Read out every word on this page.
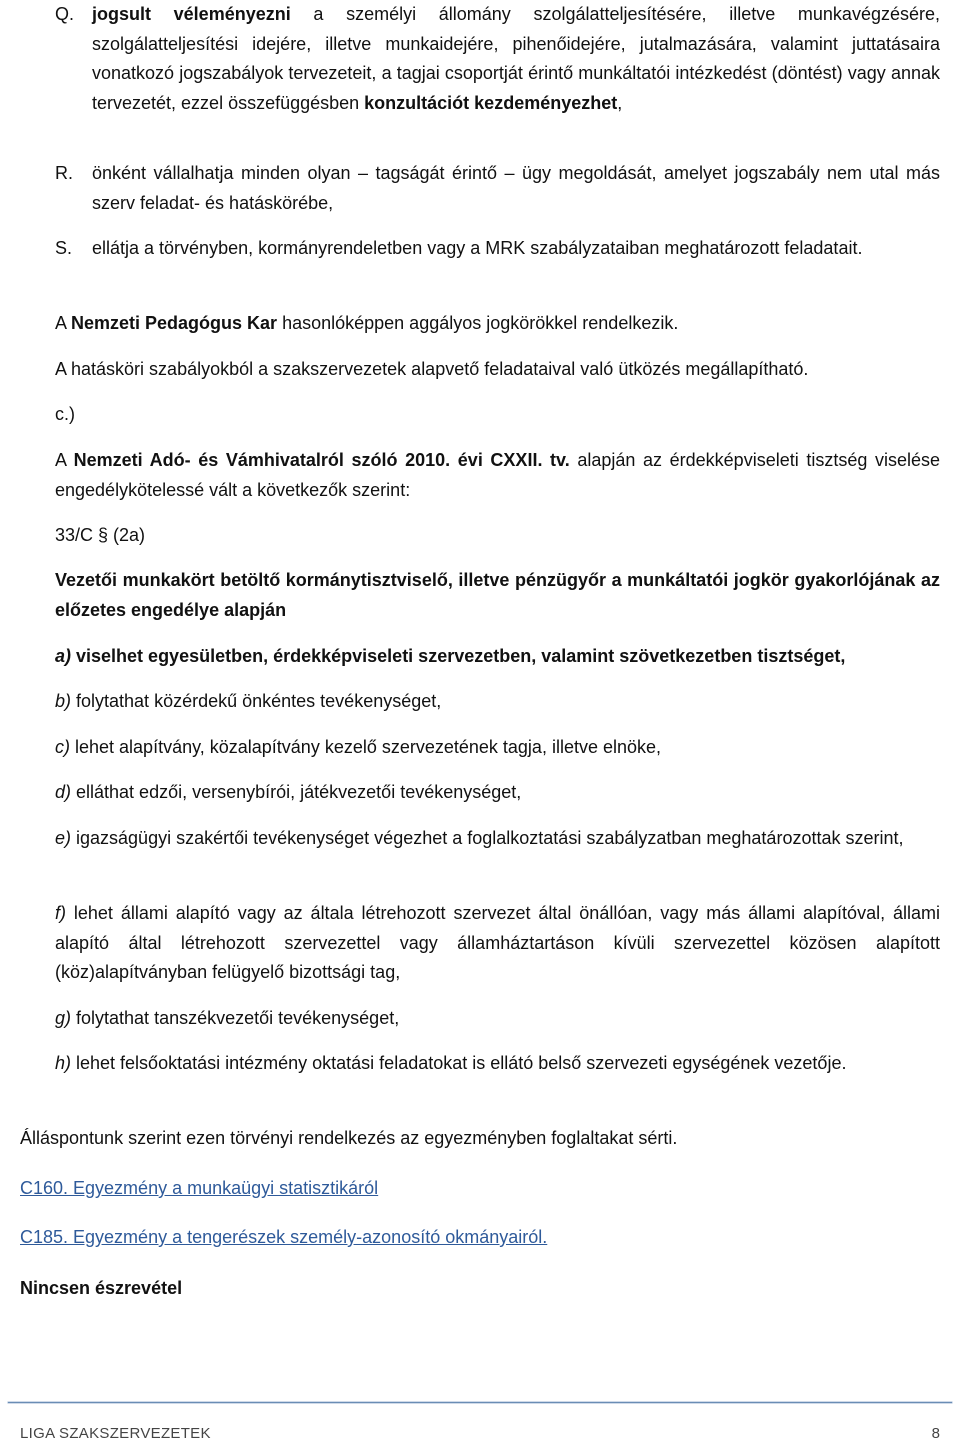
Q. jogsult véleményezni a személyi állomány szolgálatteljesítésére, illetve munkavégzésére, szolgálatteljesítési idejére, illetve munkaidejére, pihenőidejére, jutalmazására, valamint juttatásaira vonatkozó jogszabályok tervezeteit, a tagjai csoportját érintő munkáltatói intézkedést (döntést) vagy annak tervezetét, ezzel összefüggésben konzultációt kezdeményezhet,
R. önként vállalhatja minden olyan – tagságát érintő – ügy megoldását, amelyet jogszabály nem utal más szerv feladat- és hatáskörébe,
S. ellátja a törvényben, kormányrendeletben vagy a MRK szabályzataiban meghatározott feladatait.
A Nemzeti Pedagógus Kar hasonlóképpen aggályos jogkörökkel rendelkezik.
A hatásköri szabályokból a szakszervezetek alapvető feladataival való ütközés megállapítható.
c.)
A Nemzeti Adó- és Vámhivatalról szóló 2010. évi CXXII. tv. alapján az érdekképviseleti tisztség viselése engedélykötelessé vált a következők szerint:
33/C § (2a)
Vezetői munkakört betöltő kormánytisztviselő, illetve pénzügyőr a munkáltatói jogkör gyakorlójának az előzetes engedélye alapján
a) viselhet egyesületben, érdekképviseleti szervezetben, valamint szövetkezetben tisztséget,
b) folytathat közérdekű önkéntes tevékenységet,
c) lehet alapítvány, közalapítvány kezelő szervezetének tagja, illetve elnöke,
d) elláthat edzői, versenybírói, játékvezetői tevékenységet,
e) igazságügyi szakértői tevékenységet végezhet a foglalkoztatási szabályzatban meghatározottak szerint,
f) lehet állami alapító vagy az általa létrehozott szervezet által önállóan, vagy más állami alapítóval, állami alapító által létrehozott szervezettel vagy államháztartáson kívüli szervezettel közösen alapított (köz)alapítványban felügyelő bizottsági tag,
g) folytathat tanszékvezetői tevékenységet,
h) lehet felsőoktatási intézmény oktatási feladatokat is ellátó belső szervezeti egységének vezetője.
Álláspontunk szerint ezen törvényi rendelkezés az egyezményben foglaltakat sérti.
C160. Egyezmény a munkaügyi statisztikáról
C185. Egyezmény a tengerészek személy-azonosító okmányairól.
Nincsen észrevétel
LIGA SZAKSZERVEZETEK	8
